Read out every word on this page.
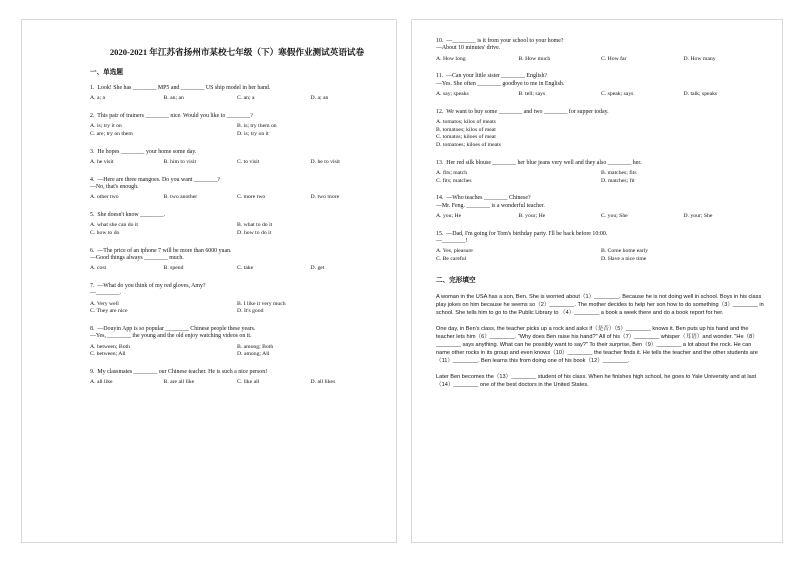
2020-2021 年江苏省扬州市某校七年级（下）寒假作业测试英语试卷
一、单选题
1.  Look! She has ________ MP5 and ________ US ship model in her hand.
A. a; a	B. an; an	C. an; a	D. a; an
2.  This pair of trainers ________ nice. Would you like to ________?
A. is; try it on	B. is; try them on
C. are; try on them	D. is; try on it
3.  He hopes ________ your home some day.
A. he visit	B. him to visit	C. to visit	D. he to visit
4.  —Here are three mangoes. Do you want ________?
—No, that's enough.
A. other two	B. two another	C. more two	D. two more
5.  She doesn't know ________.
A. what she can do it	B. what to do it
C. how to do	D. how to do it
6.  —The price of an iphone 7 will be more than 6000 yuan.
—Good things always ________ much.
A. cost	B. spend	C. take	D. get
7.  —What do you think of my red gloves, Amy?
—________.
A. Very well	B. I like it very much
C. They are nice	D. It's good
8.  —Douyin App is so popular ________ Chinese people these years.
—Yes, ________ the young and the old enjoy watching videos on it.
A. between; Both	B. among; Both
C. between; All	D. among; All
9.  My classmates ________ our Chinese teacher. He is such a nice person!
A. all like	B. are all like	C. like all	D. all likes
10.  —________ is it from your school to your home?
—About 10 minutes' drive.
A. How long	B. How much	C. How far	D. How many
11.  —Can your little sister ________ English?
—Yes. She often ________ goodbye to me in English.
A. say; speaks	B. tell; says	C. speak; says	D. talk; speaks
12.  We want to buy some ________ and two ________ for supper today.
A. tomatos; kilos of meats
B. tomatoes; kilos of meat
C. tomatos; kiloes of meat
D. tomatoes; kiloes of meats
13.  Her red silk blouse ________ her blue jeans very well and they also ________ her.
A. fits; match	B. matches; fits
C. fits; matches	D. matches; fit
14.  —Who teaches ________ Chinese?
—Mr. Feng. ________ is a wonderful teacher.
A. you; He	B. your; He	C. you; She	D. your; She
15.  —Dad, I'm going for Tom's birthday party. I'll be back before 10:00.
—________!
A. Yes, pleasure	B. Come home early
C. Be careful	D. Have a nice time
二、完形填空

A woman in the USA has a son, Ben. She is worried about（1）________. Because he is not doing well in school. Boys in his class play jokes on him because he seems so（2）________. The mother decides to help her son how to do something（3）________ in school. She tells him to go to the Public Library to （4）________ a book a week there and do a book report for her.

One day, in Ben's class, the teacher picks up a rock and asks if（是否）（5）________ knows it. Ben puts up his hand and the teacher lets him（6）________. "Why does Ben raise his hand?" All of his（7）________ whisper（耳语）and wonder. "He（8）________ says anything. What can he possibly want to say?" To their surprise, Ben（9）________ a lot about the rock. He can name other rocks in its group and even knows（10）________ the teacher finds it. He tells the teacher and the other students are（11）________. Ben learns this from doing one of his book（12）________.

Later Ben becomes the（13）________ student of his class. When he finishes high school, he goes to Yale University and at last（14）________ one of the best doctors in the United States.
